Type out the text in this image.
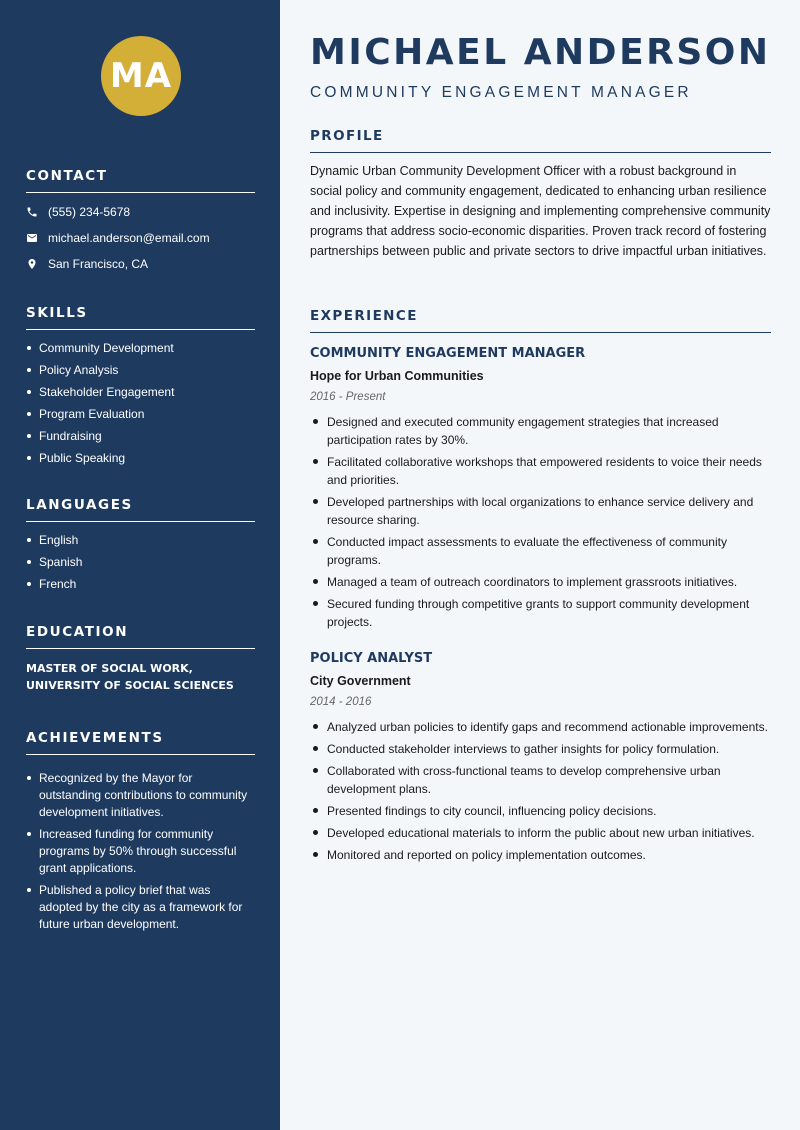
MA
CONTACT
(555) 234-5678
michael.anderson@email.com
San Francisco, CA
SKILLS
Community Development
Policy Analysis
Stakeholder Engagement
Program Evaluation
Fundraising
Public Speaking
LANGUAGES
English
Spanish
French
EDUCATION
MASTER OF SOCIAL WORK, UNIVERSITY OF SOCIAL SCIENCES
ACHIEVEMENTS
Recognized by the Mayor for outstanding contributions to community development initiatives.
Increased funding for community programs by 50% through successful grant applications.
Published a policy brief that was adopted by the city as a framework for future urban development.
MICHAEL ANDERSON
COMMUNITY ENGAGEMENT MANAGER
PROFILE

Dynamic Urban Community Development Officer with a robust background in social policy and community engagement, dedicated to enhancing urban resilience and inclusivity. Expertise in designing and implementing comprehensive community programs that address socio-economic disparities. Proven track record of fostering partnerships between public and private sectors to drive impactful urban initiatives.

EXPERIENCE
COMMUNITY ENGAGEMENT MANAGER
Hope for Urban Communities
2016 - Present
Designed and executed community engagement strategies that increased participation rates by 30%.
Facilitated collaborative workshops that empowered residents to voice their needs and priorities.
Developed partnerships with local organizations to enhance service delivery and resource sharing.
Conducted impact assessments to evaluate the effectiveness of community programs.
Managed a team of outreach coordinators to implement grassroots initiatives.
Secured funding through competitive grants to support community development projects.
POLICY ANALYST
City Government
2014 - 2016
Analyzed urban policies to identify gaps and recommend actionable improvements.
Conducted stakeholder interviews to gather insights for policy formulation.
Collaborated with cross-functional teams to develop comprehensive urban development plans.
Presented findings to city council, influencing policy decisions.
Developed educational materials to inform the public about new urban initiatives.
Monitored and reported on policy implementation outcomes.
